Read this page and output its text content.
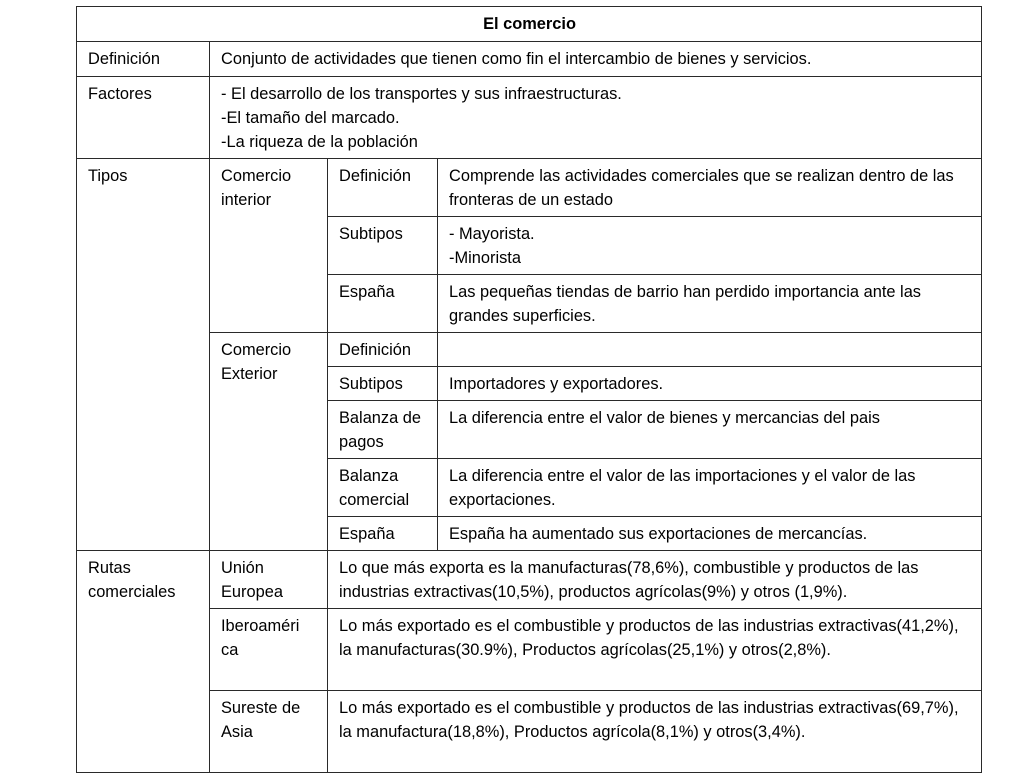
El comercio			
Definición	Conjunto de actividades que tienen como fin el intercambio de bienes y servicios.		
Factores	- El desarrollo de los transportes y sus infraestructuras.
-El tamaño del marcado.
-La riqueza de la población		

Tipos	Comercio interior	Definición	Comprende las actividades comerciales que se realizan dentro de las fronteras de un estado
		Subtipos	- Mayorista.
-Minorista

		España	Las pequeñas tiendas de barrio han perdido importancia ante las grandes superficies.
	Comercio Exterior	Definición	
		Subtipos	Importadores y exportadores.
		Balanza de pagos	La diferencia entre el valor de bienes y mercancias del pais
		Balanza comercial	La diferencia entre el valor de las importaciones y el valor de las exportaciones.
		España	España ha aumentado sus exportaciones de mercancías.
Rutas comerciales	Unión Europea	Lo que más exporta es la manufacturas(78,6%), combustible y productos de las industrias extractivas(10,5%), productos agrícolas(9%) y otros (1,9%).	
	Iberoaméri ca	Lo más exportado es el combustible y productos de las industrias extractivas(41,2%), la manufacturas(30.9%), Productos agrícolas(25,1%) y otros(2,8%).	
	Sureste de Asia	Lo más exportado es el combustible y productos de las industrias extractivas(69,7%), la manufactura(18,8%), Productos agrícola(8,1%) y otros(3,4%).	
